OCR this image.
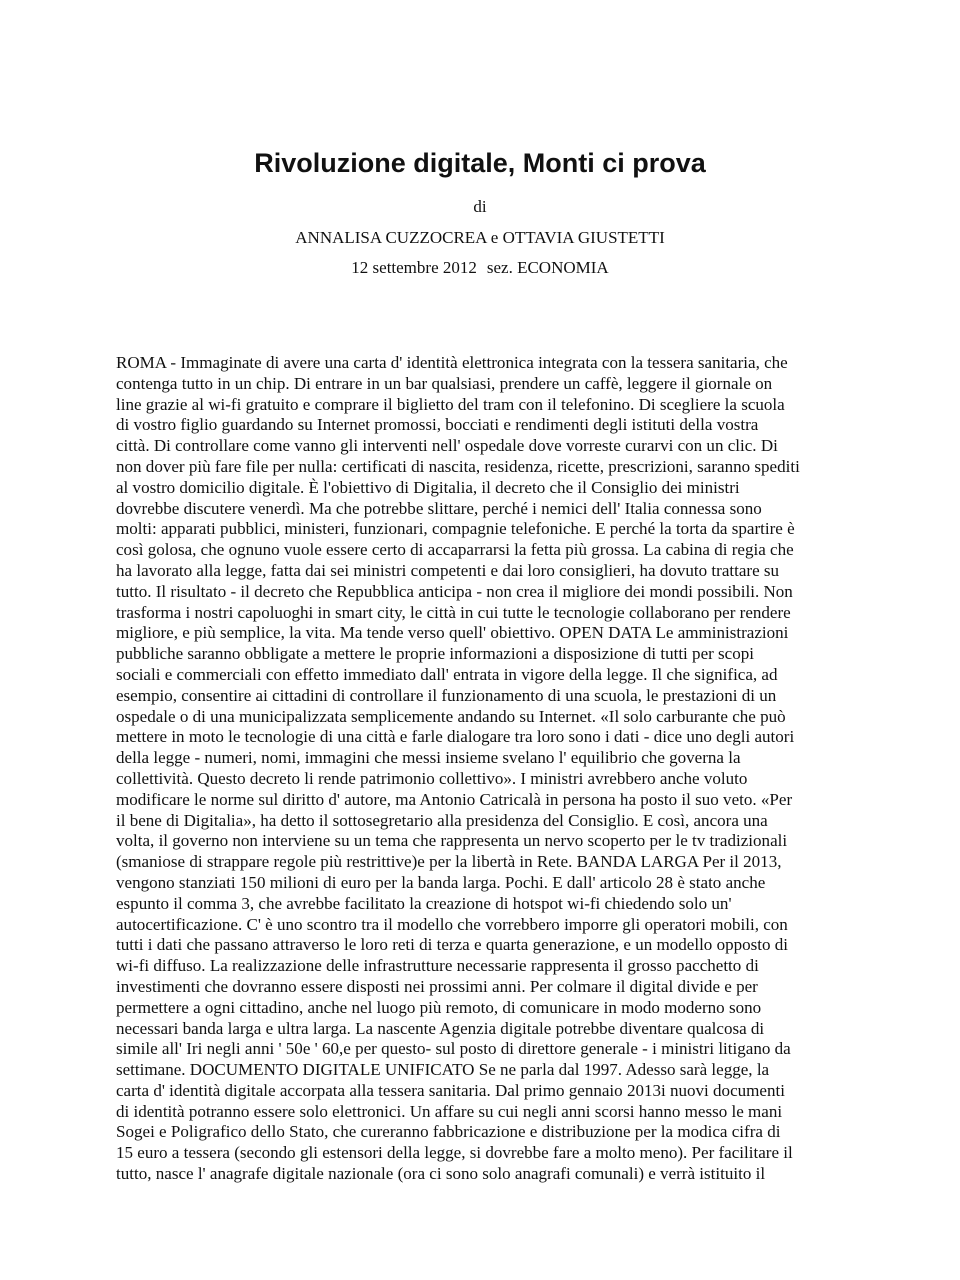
Rivoluzione digitale, Monti ci prova

di

ANNALISA CUZZOCREA e OTTAVIA GIUSTETTI

12 settembre 2012 sez. ECONOMIA

ROMA - Immaginate di avere una carta d' identità elettronica integrata con la tessera sanitaria, che
contenga tutto in un chip. Di entrare in un bar qualsiasi, prendere un caffè, leggere il giornale on
line grazie al wi-fi gratuito e comprare il biglietto del tram con il telefonino. Di scegliere la scuola
di vostro figlio guardando su Internet promossi, bocciati e rendimenti degli istituti della vostra
città. Di controllare come vanno gli interventi nell' ospedale dove vorreste curarvi con un clic. Di
non dover più fare file per nulla: certificati di nascita, residenza, ricette, prescrizioni, saranno spediti
al vostro domicilio digitale. È l'obiettivo di Digitalia, il decreto che il Consiglio dei ministri
dovrebbe discutere venerdì. Ma che potrebbe slittare, perché i nemici dell' Italia connessa sono
molti: apparati pubblici, ministeri, funzionari, compagnie telefoniche. E perché la torta da spartire è
così golosa, che ognuno vuole essere certo di accaparrarsi la fetta più grossa. La cabina di regia che
ha lavorato alla legge, fatta dai sei ministri competenti e dai loro consiglieri, ha dovuto trattare su
tutto. Il risultato - il decreto che Repubblica anticipa - non crea il migliore dei mondi possibili. Non
trasforma i nostri capoluoghi in smart city, le città in cui tutte le tecnologie collaborano per rendere
migliore, e più semplice, la vita. Ma tende verso quell' obiettivo. OPEN DATA Le amministrazioni
pubbliche saranno obbligate a mettere le proprie informazioni a disposizione di tutti per scopi
sociali e commerciali con effetto immediato dall' entrata in vigore della legge. Il che significa, ad
esempio, consentire ai cittadini di controllare il funzionamento di una scuola, le prestazioni di un
ospedale o di una municipalizzata semplicemente andando su Internet. «Il solo carburante che può
mettere in moto le tecnologie di una città e farle dialogare tra loro sono i dati - dice uno degli autori
della legge - numeri, nomi, immagini che messi insieme svelano l' equilibrio che governa la
collettività. Questo decreto li rende patrimonio collettivo». I ministri avrebbero anche voluto
modificare le norme sul diritto d' autore, ma Antonio Catricalà in persona ha posto il suo veto. «Per
il bene di Digitalia», ha detto il sottosegretario alla presidenza del Consiglio. E così, ancora una
volta, il governo non interviene su un tema che rappresenta un nervo scoperto per le tv tradizionali
(smaniose di strappare regole più restrittive)e per la libertà in Rete. BANDA LARGA Per il 2013,
vengono stanziati 150 milioni di euro per la banda larga. Pochi. E dall' articolo 28 è stato anche
espunto il comma 3, che avrebbe facilitato la creazione di hotspot wi-fi chiedendo solo un'
autocertificazione. C' è uno scontro tra il modello che vorrebbero imporre gli operatori mobili, con
tutti i dati che passano attraverso le loro reti di terza e quarta generazione, e un modello opposto di
wi-fi diffuso. La realizzazione delle infrastrutture necessarie rappresenta il grosso pacchetto di
investimenti che dovranno essere disposti nei prossimi anni. Per colmare il digital divide e per
permettere a ogni cittadino, anche nel luogo più remoto, di comunicare in modo moderno sono
necessari banda larga e ultra larga. La nascente Agenzia digitale potrebbe diventare qualcosa di
simile all' Iri negli anni ' 50e ' 60,e per questo- sul posto di direttore generale - i ministri litigano da
settimane. DOCUMENTO DIGITALE UNIFICATO Se ne parla dal 1997. Adesso sarà legge, la
carta d' identità digitale accorpata alla tessera sanitaria. Dal primo gennaio 2013i nuovi documenti
di identità potranno essere solo elettronici. Un affare su cui negli anni scorsi hanno messo le mani
Sogei e Poligrafico dello Stato, che cureranno fabbricazione e distribuzione per la modica cifra di
15 euro a tessera (secondo gli estensori della legge, si dovrebbe fare a molto meno). Per facilitare il
tutto, nasce l' anagrafe digitale nazionale (ora ci sono solo anagrafi comunali) e verrà istituito il
